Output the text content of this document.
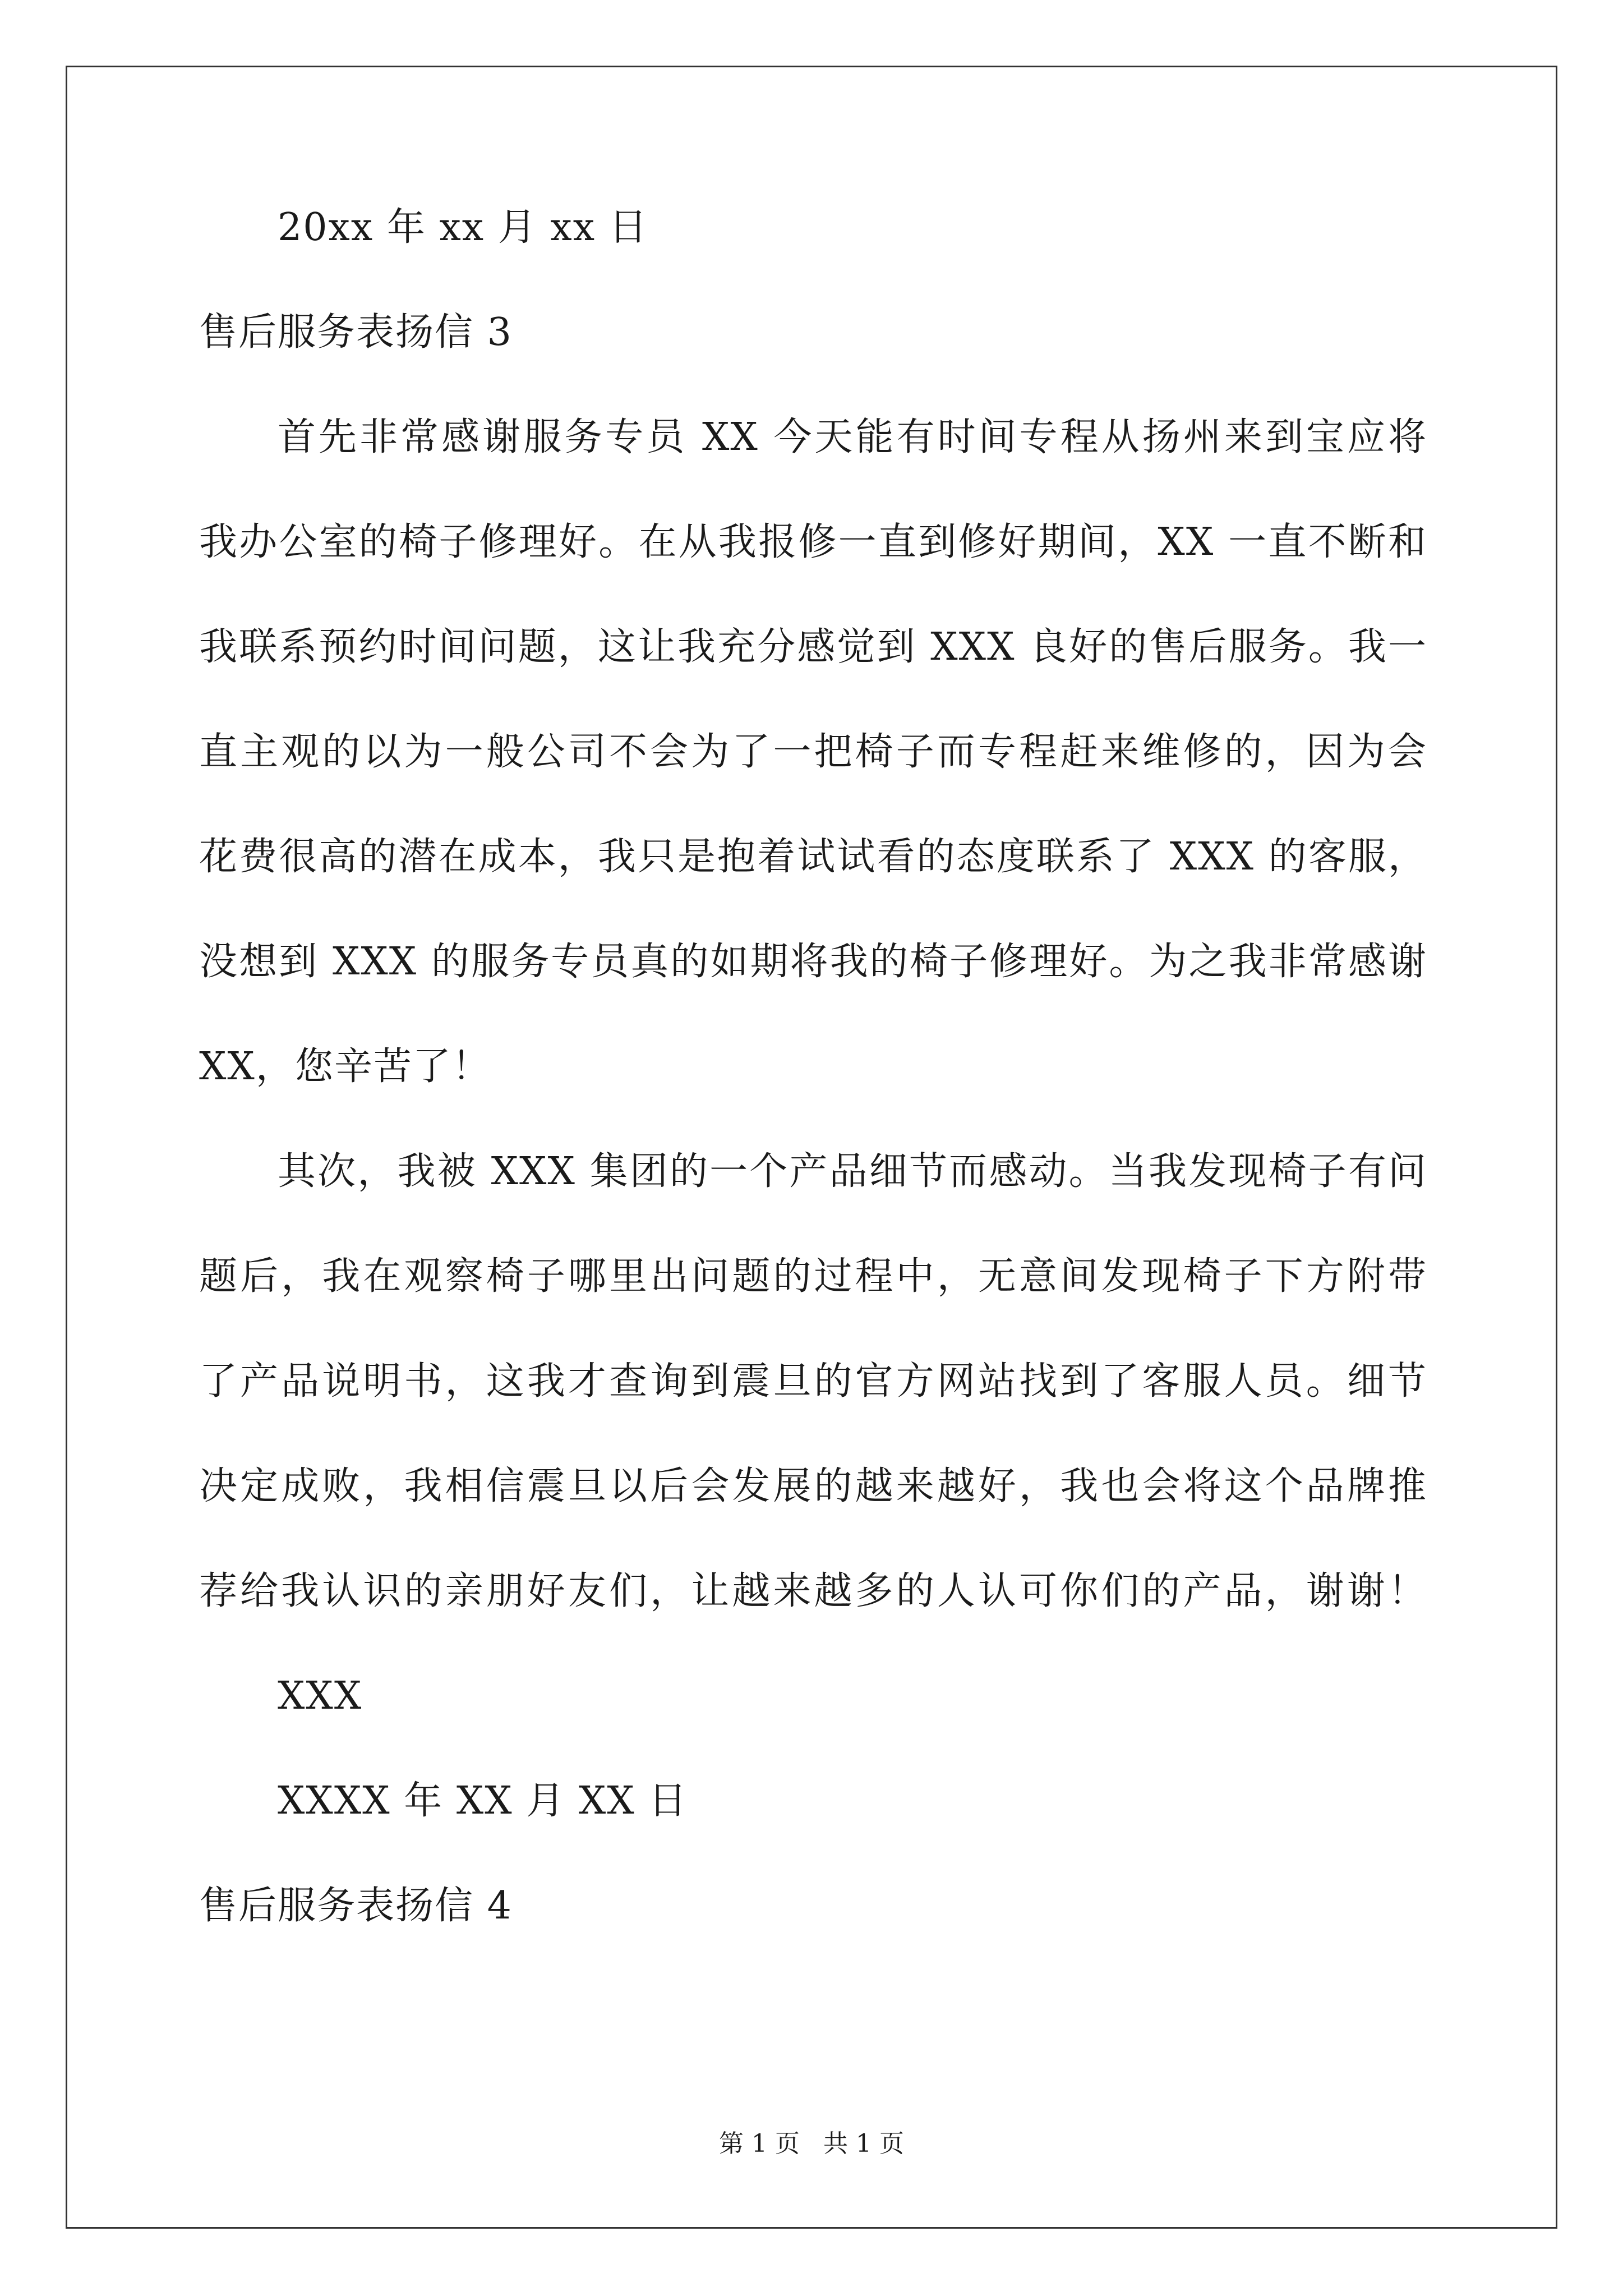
20xx 年 xx 月 xx 日

售后服务表扬信 3

首先非常感谢服务专员 XX 今天能有时间专程从扬州来到宝应将

我办公室的椅子修理好。在从我报修一直到修好期间，XX 一直不断和

我联系预约时间问题，这让我充分感觉到 XXX 良好的售后服务。我一

直主观的以为一般公司不会为了一把椅子而专程赶来维修的，因为会

花费很高的潜在成本，我只是抱着试试看的态度联系了 XXX 的客服，

没想到 XXX 的服务专员真的如期将我的椅子修理好。为之我非常感谢

XX，您辛苦了！

其次，我被 XXX 集团的一个产品细节而感动。当我发现椅子有问

题后，我在观察椅子哪里出问题的过程中，无意间发现椅子下方附带

了产品说明书，这我才查询到震旦的官方网站找到了客服人员。细节

决定成败，我相信震旦以后会发展的越来越好，我也会将这个品牌推

荐给我认识的亲朋好友们，让越来越多的人认可你们的产品，谢谢！

XXX

XXXX 年 XX 月 XX 日

售后服务表扬信 4

第 1 页 共 1 页
